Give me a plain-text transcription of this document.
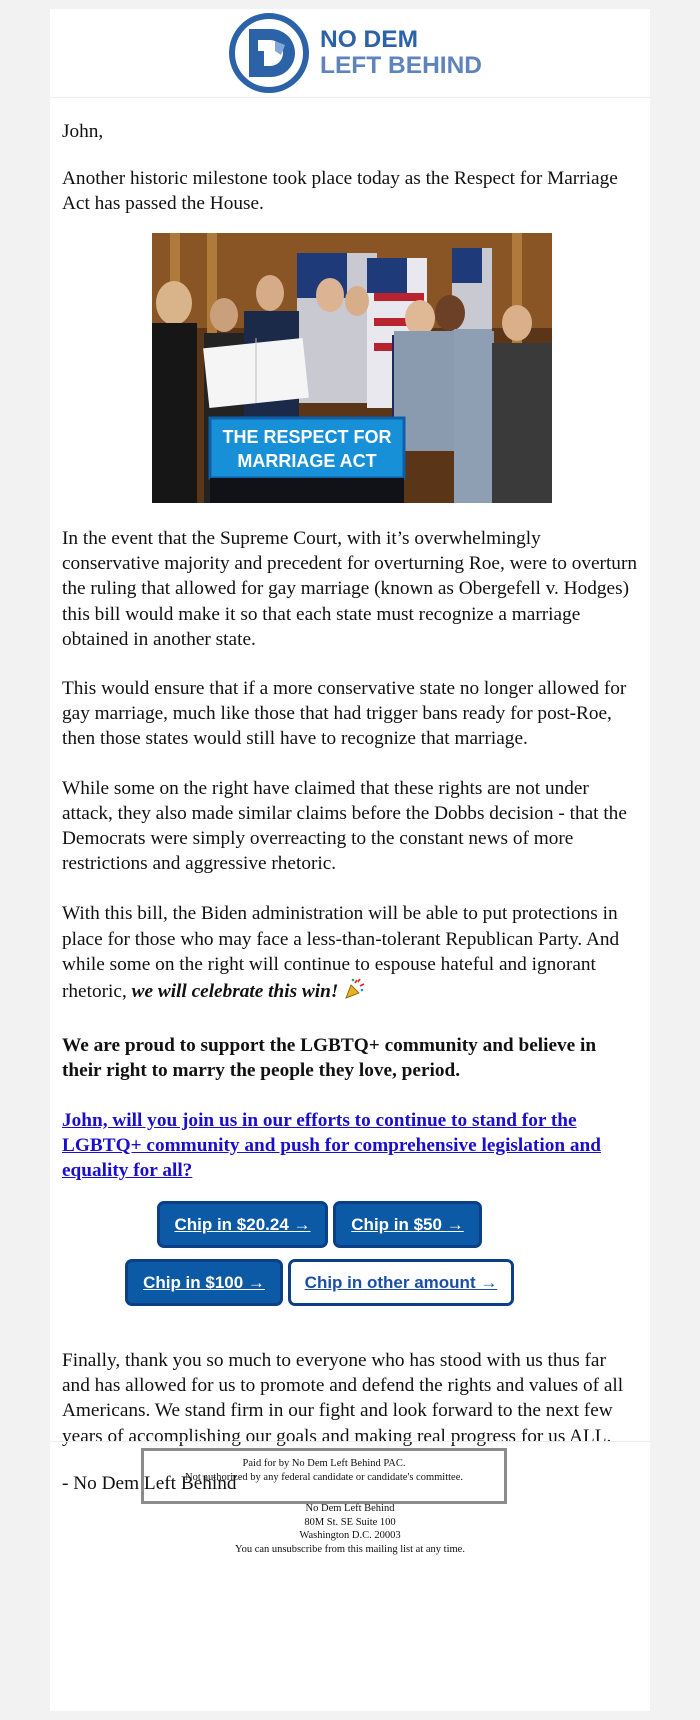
NO DEM
LEFT BEHIND

John,

Another historic milestone took place today as the Respect for Marriage Act has passed the House.

THE RESPECT FOR
MARRIAGE ACT

In the event that the Supreme Court, with it’s overwhelmingly conservative majority and precedent for overturning Roe, were to overturn the ruling that allowed for gay marriage (known as Obergefell v. Hodges) this bill would make it so that each state must recognize a marriage obtained in another state.

This would ensure that if a more conservative state no longer allowed for gay marriage, much like those that had trigger bans ready for post-Roe, then those states would still have to recognize that marriage.

While some on the right have claimed that these rights are not under attack, they also made similar claims before the Dobbs decision - that the Democrats were simply overreacting to the constant news of more restrictions and aggressive rhetoric.

With this bill, the Biden administration will be able to put protections in place for those who may face a less-than-tolerant Republican Party. And while some on the right will continue to espouse hateful and ignorant rhetoric, we will celebrate this win!

We are proud to support the LGBTQ+ community and believe in their right to marry the people they love, period.

John, will you join us in our efforts to continue to stand for the LGBTQ+ community and push for comprehensive legislation and equality for all?

Chip in $20.24 →	Chip in $50 →
Chip in $100 →	Chip in other amount →

Finally, thank you so much to everyone who has stood with us thus far and has allowed for us to promote and defend the rights and values of all Americans. We stand firm in our fight and look forward to the next few years of accomplishing our goals and making real progress for us ALL.

- No Dem Left Behind

Paid for by No Dem Left Behind PAC.
Not authorized by any federal candidate or candidate's committee.
No Dem Left Behind
80M St. SE Suite 100
Washington D.C. 20003
You can unsubscribe from this mailing list at any time.
